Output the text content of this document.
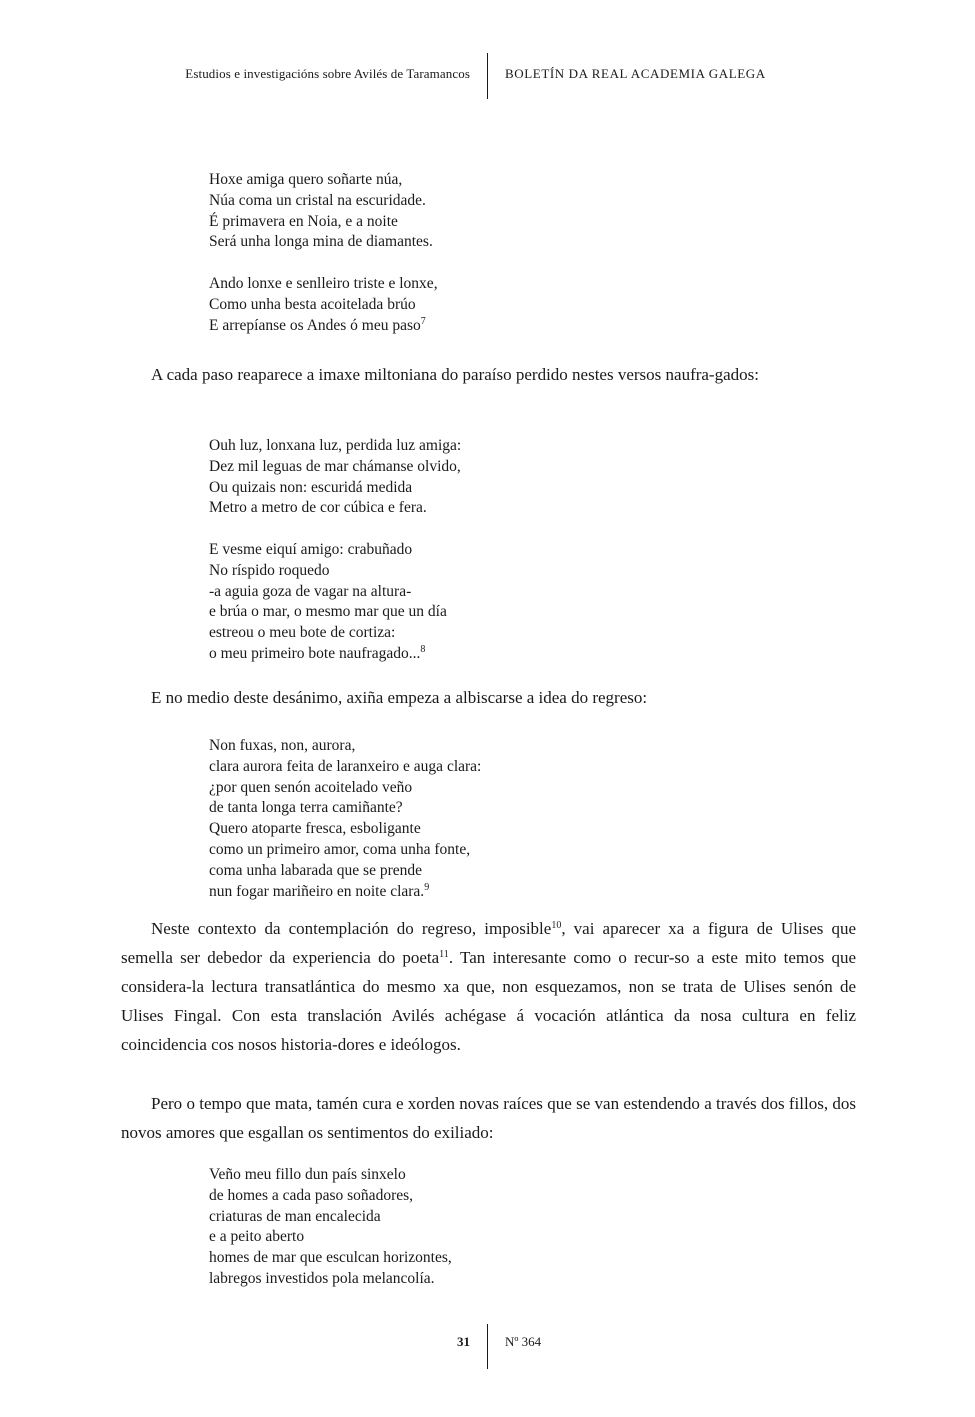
Estudios e investigacións sobre Avilés de Taramancos	BOLETÍN DA REAL ACADEMIA GALEGA
Hoxe amiga quero soñarte núa,
Núa coma un cristal na escuridade.
É primavera en Noia, e a noite
Será unha longa mina de diamantes.
Ando lonxe e senlleiro triste e lonxe,
Como unha besta acoitelada brúo
E arrepíanse os Andes ó meu paso$^7$

A cada paso reaparece a imaxe miltoniana do paraíso perdido nestes versos naufra-gados:

Ouh luz, lonxana luz, perdida luz amiga:
Dez mil leguas de mar chámanse olvido,
Ou quizais non: escuridá medida
Metro a metro de cor cúbica e fera.
E vesme eiquí amigo: crabuñado
No ríspido roquedo
-a aguia goza de vagar na altura-
e brúa o mar, o mesmo mar que un día
estreou o meu bote de cortiza:
o meu primeiro bote naufragado...$^8$

E no medio deste desánimo, axiña empeza a albiscarse a idea do regreso:

Non fuxas, non, aurora,
clara aurora feita de laranxeiro e auga clara:
¿por quen senón acoitelado veño
de tanta longa terra camiñante?
Quero atoparte fresca, esboligante
como un primeiro amor, coma unha fonte,
coma unha labarada que se prende
nun fogar mariñeiro en noite clara.$^9$

Neste contexto da contemplación do regreso, imposible$^{10}$, vai aparecer xa a figura de Ulises que semella ser debedor da experiencia do poeta$^{11}$. Tan interesante como o recur-so a este mito temos que considera-la lectura transatlántica do mesmo xa que, non esquezamos, non se trata de Ulises senón de Ulises Fingal. Con esta translación Avilés achégase á vocación atlántica da nosa cultura en feliz coincidencia cos nosos historia-dores e ideólogos.

Pero o tempo que mata, tamén cura e xorden novas raíces que se van estendendo a través dos fillos, dos novos amores que esgallan os sentimentos do exiliado:

Veño meu fillo dun país sinxelo
de homes a cada paso soñadores,
criaturas de man encalecida
e a peito aberto
homes de mar que esculcan horizontes,
labregos investidos pola melancolía.
31	Nº 364
